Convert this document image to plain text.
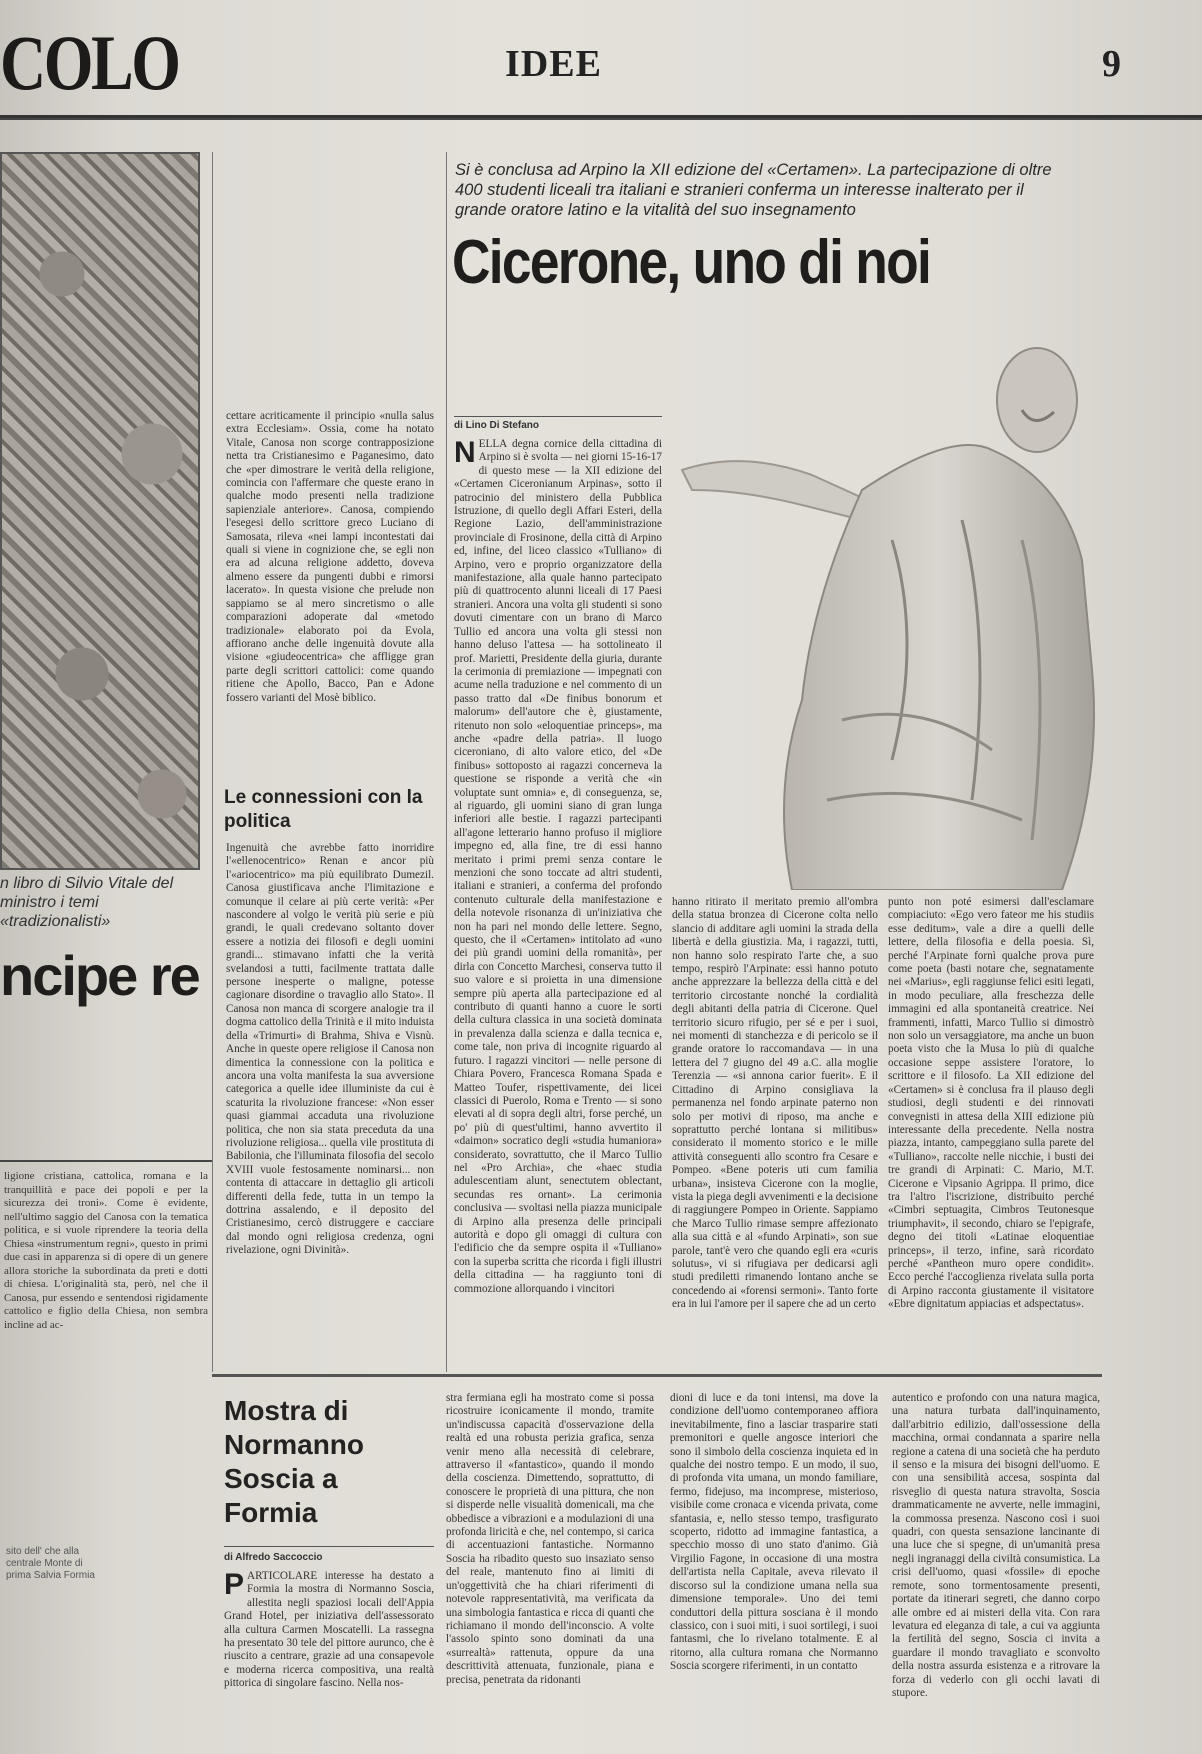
COLO	IDEE	9
n libro di Silvio Vitale del ministro i temi «tradizionalisti»
ncipe re
ligione cristiana, cattolica, romana e la tranquillità e pace dei popoli e per la sicurezza dei troni». Come è evidente, nell'ultimo saggio del Canosa con la tematica politica, e si vuole riprendere la teoria della Chiesa «instrumentum regni», questo in primi due casi in apparenza si di opere di un genere allora storiche la subordinata da preti e dotti di chiesa. L'originalità sta, però, nel che il Canosa, pur essendo e sentendosi rigidamente cattolico e figlio della Chiesa, non sembra incline ad ac-
cettare acriticamente il principio «nulla salus extra Ecclesiam». Ossia, come ha notato Vitale, Canosa non scorge contrapposizione netta tra Cristianesimo e Paganesimo, dato che «per dimostrare le verità della religione, comincia con l'affermare che queste erano in qualche modo presenti nella tradizione sapienziale anteriore». Canosa, compiendo l'esegesi dello scrittore greco Luciano di Samosata, rileva «nei lampi incontestati dai quali si viene in cognizione che, se egli non era ad alcuna religione addetto, doveva almeno essere da pungenti dubbi e rimorsi lacerato». In questa visione che prelude non sappiamo se al mero sincretismo o alle comparazioni adoperate dal «metodo tradizionale» elaborato poi da Evola, affiorano anche delle ingenuità dovute alla visione «giudeocentrica» che affligge gran parte degli scrittori cattolici: come quando ritiene che Apollo, Bacco, Pan e Adone fossero varianti del Mosè biblico.
Le connessioni con la politica
Ingenuità che avrebbe fatto inorridire l'«ellenocentrico» Renan e ancor più l'«ariocentrico» ma più equilibrato Dumezil. Canosa giustificava anche l'limitazione e comunque il celare ai più certe verità: «Per nascondere al volgo le verità più serie e più grandi, le quali credevano soltanto dover essere a notizia dei filosofi e degli uomini grandi... stimavano infatti che la verità svelandosi a tutti, facilmente trattata dalle persone inesperte o maligne, potesse cagionare disordine o travaglio allo Stato». Il Canosa non manca di scorgere analogie tra il dogma cattolico della Trinità e il mito induista della «Trimurti» di Brahma, Shiva e Visnù. Anche in queste opere religiose il Canosa non dimentica la connessione con la politica e ancora una volta manifesta la sua avversione categorica a quelle idee illuministe da cui è scaturita la rivoluzione francese: «Non esser quasi giammai accaduta una rivoluzione politica, che non sia stata preceduta da una rivoluzione religiosa... quella vile prostituta di Babilonia, che l'illuminata filosofia del secolo XVIII vuole festosamente nominarsi... non contenta di attaccare in dettaglio gli articoli differenti della fede, tutta in un tempo la dottrina assalendo, e il deposito del Cristianesimo, cercò distruggere e cacciare dal mondo ogni religiosa credenza, ogni rivelazione, ogni Divinità».
Si è conclusa ad Arpino la XII edizione del «Certamen». La partecipazione di oltre 400 studenti liceali tra italiani e stranieri conferma un interesse inalterato per il grande oratore latino e la vitalità del suo insegnamento
Cicerone, uno di noi
di Lino Di Stefano
NELLA degna cornice della cittadina di Arpino si è svolta — nei giorni 15-16-17 di questo mese — la XII edizione del «Certamen Ciceronianum Arpinas», sotto il patrocinio del ministero della Pubblica Istruzione, di quello degli Affari Esteri, della Regione Lazio, dell'amministrazione provinciale di Frosinone, della città di Arpino ed, infine, del liceo classico «Tulliano» di Arpino, vero e proprio organizzatore della manifestazione, alla quale hanno partecipato più di quattrocento alunni liceali di 17 Paesi stranieri. Ancora una volta gli studenti si sono dovuti cimentare con un brano di Marco Tullio ed ancora una volta gli stessi non hanno deluso l'attesa — ha sottolineato il prof. Marietti, Presidente della giuria, durante la cerimonia di premiazione — impegnati con acume nella traduzione e nel commento di un passo tratto dal «De finibus bonorum et malorum» dell'autore che è, giustamente, ritenuto non solo «eloquentiae princeps», ma anche «padre della patria». Il luogo ciceroniano, di alto valore etico, del «De finibus» sottoposto ai ragazzi concerneva la questione se risponde a verità che «in voluptate sunt omnia» e, di conseguenza, se, al riguardo, gli uomini siano di gran lunga inferiori alle bestie. I ragazzi partecipanti all'agone letterario hanno profuso il migliore impegno ed, alla fine, tre di essi hanno meritato i primi premi senza contare le menzioni che sono toccate ad altri studenti, italiani e stranieri, a conferma del profondo contenuto culturale della manifestazione e della notevole risonanza di un'iniziativa che non ha pari nel mondo delle lettere. Segno, questo, che il «Certamen» intitolato ad «uno dei più grandi uomini della romanità», per dirla con Concetto Marchesi, conserva tutto il suo valore e si proietta in una dimensione sempre più aperta alla partecipazione ed al contributo di quanti hanno a cuore le sorti della cultura classica in una società dominata in prevalenza dalla scienza e dalla tecnica e, come tale, non priva di incognite riguardo al futuro. I ragazzi vincitori — nelle persone di Chiara Povero, Francesca Romana Spada e Matteo Toufer, rispettivamente, dei licei classici di Puerolo, Roma e Trento — si sono elevati al di sopra degli altri, forse perché, un po' più di quest'ultimi, hanno avvertito il «daimon» socratico degli «studia humaniora» considerato, sovrattutto, che il Marco Tullio nel «Pro Archia», che «haec studia adulescentiam alunt, senectutem oblectant, secundas res ornant». La cerimonia conclusiva — svoltasi nella piazza municipale di Arpino alla presenza delle principali autorità e dopo gli omaggi di cultura con l'edificio che da sempre ospita il «Tulliano» con la superba scritta che ricorda i figli illustri della cittadina — ha raggiunto toni di commozione allorquando i vincitori
hanno ritirato il meritato premio all'ombra della statua bronzea di Cicerone colta nello slancio di additare agli uomini la strada della libertà e della giustizia. Ma, i ragazzi, tutti, non hanno solo respirato l'arte che, a suo tempo, respirò l'Arpinate: essi hanno potuto anche apprezzare la bellezza della città e del territorio circostante nonché la cordialità degli abitanti della patria di Cicerone. Quel territorio sicuro rifugio, per sé e per i suoi, nei momenti di stanchezza e di pericolo se il grande oratore lo raccomandava — in una lettera del 7 giugno del 49 a.C. alla moglie Terenzia — «si annona carior fuerit». E il Cittadino di Arpino consigliava la permanenza nel fondo arpinate paterno non solo per motivi di riposo, ma anche e soprattutto perché lontana si militibus» considerato il momento storico e le mille attività conseguenti allo scontro fra Cesare e Pompeo. «Bene poteris uti cum familia urbana», insisteva Cicerone con la moglie, vista la piega degli avvenimenti e la decisione di raggiungere Pompeo in Oriente. Sappiamo che Marco Tullio rimase sempre affezionato alla sua città e al «fundo Arpinati», son sue parole, tant'è vero che quando egli era «curis solutus», vi si rifugiava per dedicarsi agli studi prediletti rimanendo lontano anche se concedendo ai «forensi sermoni». Tanto forte era in lui l'amore per il sapere che ad un certo
punto non poté esimersi dall'esclamare compiaciuto: «Ego vero fateor me his studiis esse deditum», vale a dire a quelli delle lettere, della filosofia e della poesia. Sì, perché l'Arpinate fornì qualche prova pure come poeta (basti notare che, segnatamente nei «Marius», egli raggiunse felici esiti legati, in modo peculiare, alla freschezza delle immagini ed alla spontaneità creatrice. Nei frammenti, infatti, Marco Tullio si dimostrò non solo un versaggiatore, ma anche un buon poeta visto che la Musa lo più di qualche occasione seppe assistere l'oratore, lo scrittore e il filosofo. La XII edizione del «Certamen» si è conclusa fra il plauso degli studiosi, degli studenti e dei rinnovati convegnisti in attesa della XIII edizione più interessante della precedente. Nella nostra piazza, intanto, campeggiano sulla parete del «Tulliano», raccolte nelle nicchie, i busti dei tre grandi di Arpinati: C. Mario, M.T. Cicerone e Vipsanio Agrippa. Il primo, dice tra l'altro l'iscrizione, distribuito perché «Cimbri septuagita, Cimbros Teutonesque triumphavit», il secondo, chiaro se l'epigrafe, degno dei titoli «Latinae eloquentiae princeps», il terzo, infine, sarà ricordato perché «Pantheon muro opere condidit». Ecco perché l'accoglienza rivelata sulla porta di Arpino racconta giustamente il visitatore «Ebre dignitatum appiacias et adspectatus».
Mostra di Normanno Soscia a Formia
di Alfredo Saccoccio
PARTICOLARE interesse ha destato a Formia la mostra di Normanno Soscia, allestita negli spaziosi locali dell'Appia Grand Hotel, per iniziativa dell'assessorato alla cultura Carmen Moscatelli. La rassegna ha presentato 30 tele del pittore aurunco, che è riuscito a centrare, grazie ad una consapevole e moderna ricerca compositiva, una realtà pittorica di singolare fascino. Nella nos-
stra fermiana egli ha mostrato come si possa ricostruire iconicamente il mondo, tramite un'indiscussa capacità d'osservazione della realtà ed una robusta perizia grafica, senza venir meno alla necessità di celebrare, attraverso il «fantastico», quando il mondo della coscienza. Dimettendo, soprattutto, di conoscere le proprietà di una pittura, che non si disperde nelle visualità domenicali, ma che obbedisce a vibrazioni e a modulazioni di una profonda liricità e che, nel contempo, si carica di accentuazioni fantastiche. Normanno Soscia ha ribadito questo suo insaziato senso del reale, mantenuto fino ai limiti di un'oggettività che ha chiari riferimenti di notevole rappresentatività, ma verificata da una simbologia fantastica e ricca di quanti che richiamano il mondo dell'inconscio. A volte l'assolo spinto sono dominati da una «surrealtà» rattenuta, oppure da una descrittività attenuata, funzionale, piana e precisa, penetrata da ridonanti
dioni di luce e da toni intensi, ma dove la condizione dell'uomo contemporaneo affiora inevitabilmente, fino a lasciar trasparire stati premonitori e quelle angosce interiori che sono il simbolo della coscienza inquieta ed in qualche dei nostro tempo. E un modo, il suo, di profonda vita umana, un mondo familiare, fermo, fidejuso, ma incomprese, misterioso, visibile come cronaca e vicenda privata, come sfantasia, e, nello stesso tempo, trasfigurato scoperto, ridotto ad immagine fantastica, a specchio mosso di uno stato d'animo. Già Virgilio Fagone, in occasione di una mostra dell'artista nella Capitale, aveva rilevato il discorso sul la condizione umana nella sua dimensione temporale». Uno dei temi conduttori della pittura sosciana è il mondo classico, con i suoi miti, i suoi sortilegi, i suoi fantasmi, che lo rivelano totalmente. E al ritorno, alla cultura romana che Normanno Soscia scorgere riferimenti, in un contatto
autentico e profondo con una natura magica, una natura turbata dall'inquinamento, dall'arbitrio edilizio, dall'ossessione della macchina, ormai condannata a sparire nella regione a catena di una società che ha perduto il senso e la misura dei bisogni dell'uomo. E con una sensibilità accesa, sospinta dal risveglio di questa natura stravolta, Soscia drammaticamente ne avverte, nelle immagini, la commossa presenza. Nascono così i suoi quadri, con questa sensazione lancinante di una luce che si spegne, di un'umanità presa negli ingranaggi della civiltà consumistica. La crisi dell'uomo, quasi «fossile» di epoche remote, sono tormentosamente presenti, portate da itinerari segreti, che danno corpo alle ombre ed ai misteri della vita. Con rara levatura ed eleganza di tale, a cui va aggiunta la fertilità del segno, Soscia ci invita a guardare il mondo travagliato e sconvolto della nostra assurda esistenza e a ritrovare la forza di vederlo con gli occhi lavati di stupore.
sito dell' che alla centrale Monte di prima Salvia Formia
